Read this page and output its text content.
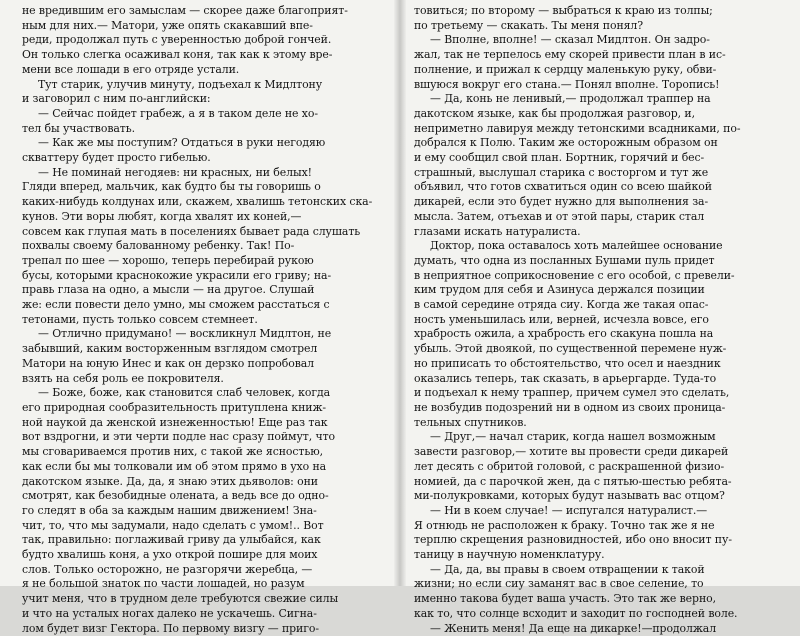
не вредившим его замыслам — скорее даже благоприят-
ным для них.— Матори, уже опять скакавший впе-
реди, продолжал путь с уверенностью доброй гончей.
Он только слегка осаживал коня, так как к этому вре-
мени все лошади в его отряде устали.
Тут старик, улучив минуту, подъехал к Мидлтону
и заговорил с ним по-английски:
— Сейчас пойдет грабеж, а я в таком деле не хо-
тел бы участвовать.
— Как же мы поступим? Отдаться в руки негодяю
скваттеру будет просто гибелью.
— Не поминай негодяев: ни красных, ни белых!
Гляди вперед, мальчик, как будто бы ты говоришь о
каких-нибудь колдунах или, скажем, хвалишь тетонских ска-
кунов. Эти воры любят, когда хвалят их коней,—
совсем как глупая мать в поселениях бывает рада слушать
похвалы своему балованному ребенку. Так! По-
трепал по шее — хорошо, теперь перебирай рукою
бусы, которыми краснокожие украсили его гриву; на-
правь глаза на одно, а мысли — на другое. Слушай
же: если повести дело умно, мы сможем расстаться с
тетонами, пусть только совсем стемнеет.
— Отлично придумано! — воскликнул Мидлтон, не
забывший, каким восторженным взглядом смотрел
Матори на юную Инес и как он дерзко попробовал
взять на себя роль ее покровителя.
— Боже, боже, как становится слаб человек, когда
его природная сообразительность притуплена книж-
ной наукой да женской изнеженностью! Еще раз так
вот вздрогни, и эти черти подле нас сразу поймут, что
мы сговариваемся против них, с такой же ясностью,
как если бы мы толковали им об этом прямо в ухо на
дакотском языке. Да, да, я знаю этих дьяволов: они
смотрят, как безобидные олената, а ведь все до одно-
го следят в оба за каждым нашим движением! Зна-
чит, то, что мы задумали, надо сделать с умом!.. Вот
так, правильно: поглаживай гриву да улыбайся, как
будто хвалишь коня, а ухо открой пошире для моих
слов. Только осторожно, не разгорячи жеребца, —
я не большой знаток по части лошадей, но разум
учит меня, что в трудном деле требуются свежие силы
и что на усталых ногах далеко не ускачешь. Сигна-
лом будет визг Гектора. По первому визгу — приго-
товиться; по второму — выбраться к краю из толпы;
по третьему — скакать. Ты меня понял?
— Вполне, вполне! — сказал Мидлтон. Он задро-
жал, так не терпелось ему скорей привести план в ис-
полнение, и прижал к сердцу маленькую руку, обви-
вшуюся вокруг его стана.— Понял вполне. Торопись!
— Да, конь не ленивый,— продолжал траппер на
дакотском языке, как бы продолжая разговор, и,
неприметно лавируя между тетонскими всадниками, по-
добрался к Полю. Таким же осторожным образом он
и ему сообщил свой план. Бортник, горячий и бес-
страшный, выслушал старика с восторгом и тут же
объявил, что готов схватиться один со всею шайкой
дикарей, если это будет нужно для выполнения за-
мысла. Затем, отъехав и от этой пары, старик стал
глазами искать натуралиста.
Доктор, пока оставалось хоть малейшее основание
думать, что одна из посланных Бушами пуль придет
в неприятное соприкосновение с его особой, с превели-
ким трудом для себя и Азинуса держался позиции
в самой середине отряда сиу. Когда же такая опас-
ность уменьшилась или, верней, исчезла вовсе, его
храбрость ожила, а храбрость его скакуна пошла на
убыль. Этой двоякой, по существенной перемене нуж-
но приписать то обстоятельство, что осел и наездник
оказались теперь, так сказать, в арьергарде. Туда-то
и подъехал к нему траппер, причем сумел это сделать,
не возбудив подозрений ни в одном из своих проница-
тельных спутников.
— Друг,— начал старик, когда нашел возможным
завести разговор,— хотите вы провести среди дикарей
лет десять с обритой головой, с раскрашенной физио-
номией, да с парочкой жен, да с пятью-шестью ребята-
ми-полукровками, которых будут называть вас отцом?
— Ни в коем случае! — испугался натуралист.—
Я отнюдь не расположен к браку. Точно так же я не
терплю скрещения разновидностей, ибо оно вносит пу-
таницу в научную номенклатуру.
— Да, да, вы правы в своем отвращении к такой
жизни; но если сиу заманят вас в свое селение, то
именно такова будет ваша участь. Это так же верно,
как то, что солнце всходит и заходит по господней воле.
— Женить меня! Да еще на дикарке!—продолжал
